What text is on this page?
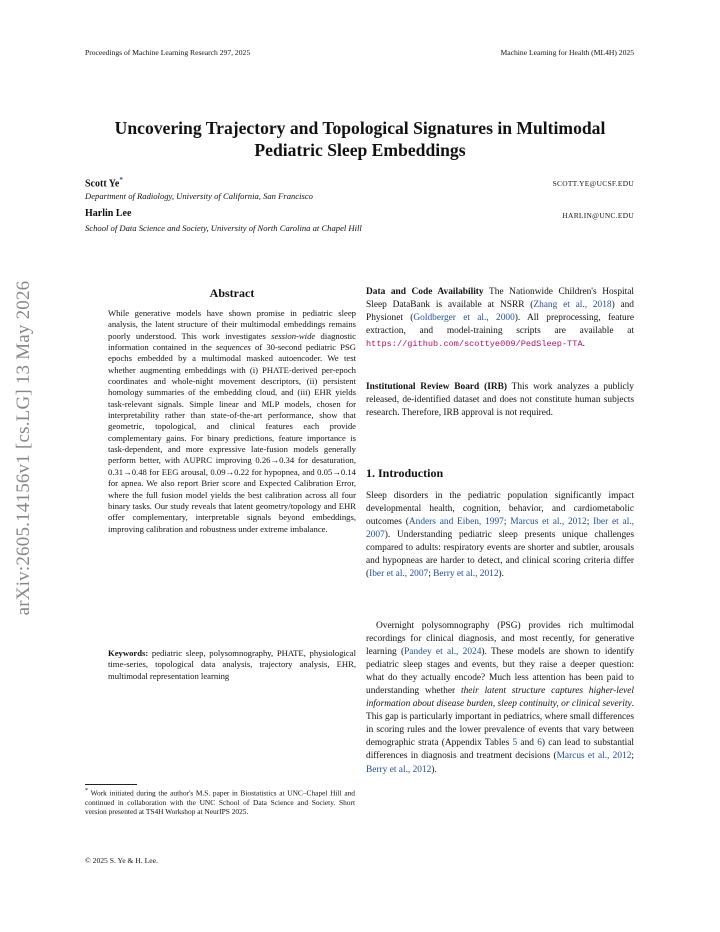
Proceedings of Machine Learning Research 297, 2025	Machine Learning for Health (ML4H) 2025
Uncovering Trajectory and Topological Signatures in Multimodal
Pediatric Sleep Embeddings
Scott Ye*	SCOTT.YE@UCSF.EDU
Department of Radiology, University of California, San Francisco
Harlin Lee	HARLIN@UNC.EDU
School of Data Science and Society, University of North Carolina at Chapel Hill
arXiv:2605.14156v1 [cs.LG] 13 May 2026	Abstract
While generative models have shown promise in pediatric sleep analysis, the latent structure of their multimodal embeddings remains poorly understood. This work investigates session-wide diagnostic information contained in the sequences of 30-second pediatric PSG epochs embedded by a multimodal masked autoencoder. We test whether augmenting embeddings with (i) PHATE-derived per-epoch coordinates and whole-night movement descriptors, (ii) persistent homology summaries of the embedding cloud, and (iii) EHR yields task-relevant signals. Simple linear and MLP models, chosen for interpretability rather than state-of-the-art performance, show that geometric, topological, and clinical features each provide complementary gains. For binary predictions, feature importance is task-dependent, and more expressive late-fusion models generally perform better, with AUPRC improving 0.26→0.34 for desaturation, 0.31→0.48 for EEG arousal, 0.09→0.22 for hypopnea, and 0.05→0.14 for apnea. We also report Brier score and Expected Calibration Error, where the full fusion model yields the best calibration across all four binary tasks. Our study reveals that latent geometry/topology and EHR offer complementary, interpretable signals beyond embeddings, improving calibration and robustness under extreme imbalance.
Keywords: pediatric sleep, polysomnography, PHATE, physiological time-series, topological data analysis, trajectory analysis, EHR, multimodal representation learning
* Work initiated during the author's M.S. paper in Biostatistics at UNC–Chapel Hill and continued in collaboration with the UNC School of Data Science and Society. Short version presented at TS4H Workshop at NeurIPS 2025.
© 2025 S. Ye & H. Lee.
Data and Code Availability The Nationwide Children's Hospital Sleep DataBank is available at NSRR (Zhang et al., 2018) and Physionet (Goldberger et al., 2000). All preprocessing, feature extraction, and model-training scripts are available at https://github.com/scottye009/PedSleep-TTA.
Institutional Review Board (IRB) This work analyzes a publicly released, de-identified dataset and does not constitute human subjects research. Therefore, IRB approval is not required.
1. Introduction
Sleep disorders in the pediatric population significantly impact developmental health, cognition, behavior, and cardiometabolic outcomes (Anders and Eiben, 1997; Marcus et al., 2012; Iber et al., 2007). Understanding pediatric sleep presents unique challenges compared to adults: respiratory events are shorter and subtler, arousals and hypopneas are harder to detect, and clinical scoring criteria differ (Iber et al., 2007; Berry et al., 2012).
Overnight polysomnography (PSG) provides rich multimodal recordings for clinical diagnosis, and most recently, for generative learning (Pandey et al., 2024). These models are shown to identify pediatric sleep stages and events, but they raise a deeper question: what do they actually encode? Much less attention has been paid to understanding whether their latent structure captures higher-level information about disease burden, sleep continuity, or clinical severity. This gap is particularly important in pediatrics, where small differences in scoring rules and the lower prevalence of events that vary between demographic strata (Appendix Tables 5 and 6) can lead to substantial differences in diagnosis and treatment decisions (Marcus et al., 2012; Berry et al., 2012).
